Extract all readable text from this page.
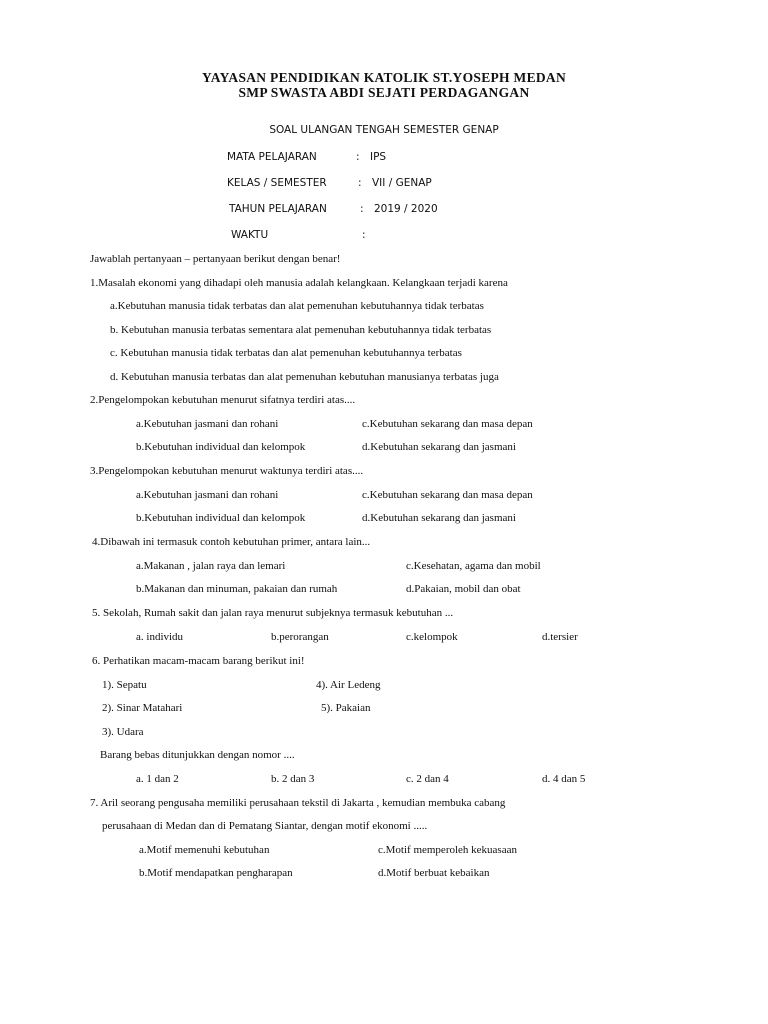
YAYASAN PENDIDIKAN KATOLIK ST.YOSEPH MEDAN
SMP SWASTA ABDI SEJATI PERDAGANGAN
SOAL ULANGAN TENGAH SEMESTER GENAP
MATA PELAJARAN	: IPS
KELAS / SEMESTER	: VII / GENAP
TAHUN PELAJARAN	: 2019 / 2020
WAKTU	:
Jawablah pertanyaan – pertanyaan berikut dengan benar!
1.Masalah ekonomi yang dihadapi oleh manusia adalah kelangkaan. Kelangkaan terjadi karena
a.Kebutuhan manusia tidak terbatas dan alat pemenuhan kebutuhannya tidak terbatas
b. Kebutuhan manusia terbatas sementara alat pemenuhan kebutuhannya tidak terbatas
c. Kebutuhan manusia tidak terbatas dan alat pemenuhan kebutuhannya terbatas
d. Kebutuhan manusia terbatas dan alat pemenuhan kebutuhan manusianya terbatas juga
2.Pengelompokan kebutuhan menurut sifatnya terdiri atas....
a.Kebutuhan jasmani dan rohani	c.Kebutuhan sekarang dan masa depan
b.Kebutuhan individual dan kelompok	d.Kebutuhan sekarang dan jasmani
3.Pengelompokan kebutuhan menurut waktunya terdiri atas....
a.Kebutuhan jasmani dan rohani	c.Kebutuhan sekarang dan masa depan
b.Kebutuhan individual dan kelompok	d.Kebutuhan sekarang dan jasmani
4.Dibawah ini termasuk contoh kebutuhan primer, antara lain...
a.Makanan , jalan raya dan lemari	c.Kesehatan, agama dan mobil
b.Makanan dan minuman, pakaian dan rumah	d.Pakaian, mobil dan obat
5. Sekolah, Rumah sakit dan jalan raya menurut subjeknya termasuk kebutuhan ...
a. individu	b.perorangan	c.kelompok	d.tersier
6. Perhatikan macam-macam barang berikut ini!
1). Sepatu	4). Air Ledeng
2). Sinar Matahari	5). Pakaian
3). Udara
Barang bebas ditunjukkan dengan nomor ....
a. 1 dan 2	b. 2 dan 3	c. 2 dan 4	d. 4 dan 5
7. Aril seorang pengusaha memiliki perusahaan tekstil di Jakarta , kemudian membuka cabang
perusahaan di Medan dan di Pematang Siantar, dengan motif ekonomi .....
a.Motif memenuhi kebutuhan	c.Motif memperoleh kekuasaan
b.Motif mendapatkan pengharapan	d.Motif berbuat kebaikan
